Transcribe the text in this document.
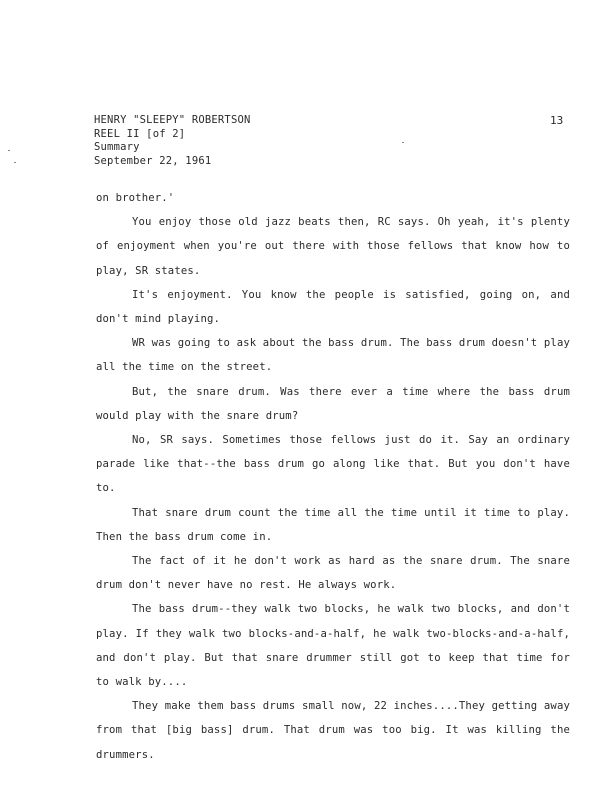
HENRY "SLEEPY" ROBERTSON
REEL II [of 2]
Summary
September 22, 1961
13

on brother.'

You enjoy those old jazz beats then, RC says. Oh yeah, it's plenty of enjoyment when you're out there with those fellows that know how to play, SR states.

It's enjoyment. You know the people is satisfied, going on, and don't mind playing.

WR was going to ask about the bass drum. The bass drum doesn't play all the time on the street.

But, the snare drum. Was there ever a time where the bass drum would play with the snare drum?

No, SR says. Sometimes those fellows just do it. Say an ordinary parade like that--the bass drum go along like that. But you don't have to.

That snare drum count the time all the time until it time to play. Then the bass drum come in.

The fact of it he don't work as hard as the snare drum. The snare drum don't never have no rest. He always work.

The bass drum--they walk two blocks, he walk two blocks, and don't play. If they walk two blocks-and-a-half, he walk two-blocks-and-a-half, and don't play. But that snare drummer still got to keep that time for to walk by....

They make them bass drums small now, 22 inches....They getting away from that [big bass] drum. That drum was too big. It was killing the drummers.
